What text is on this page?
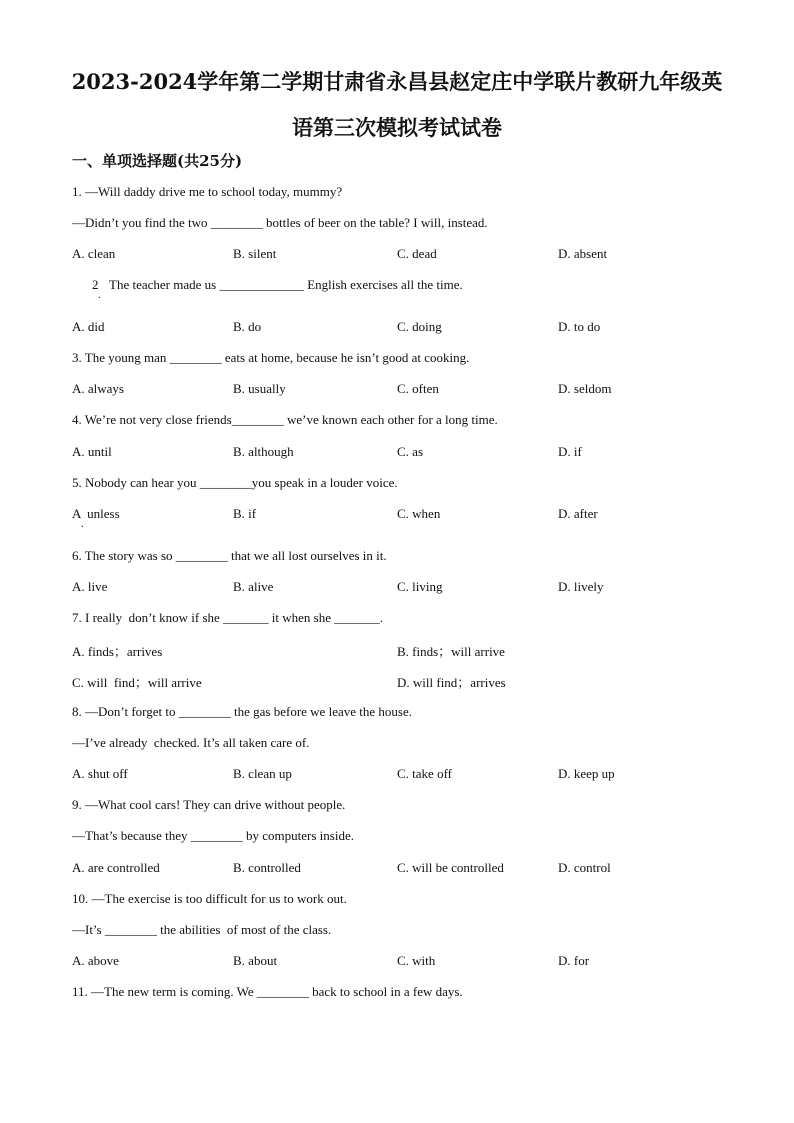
2023-2024学年第二学期甘肃省永昌县赵定庄中学联片教研九年级英
语第三次模拟考试试卷
一、单项选择题(共25分)
1. —Will daddy drive me to school today, mummy?
—Didn’t you find the two ________ bottles of beer on the table? I will, instead.
A. clean	B. silent	C. dead	D. absent
2
.
The teacher made us _____________ English exercises all the time.
A. did	B. do	C. doing	D. to do
3. The young man ________ eats at home, because he isn’t good at cooking.
A. always	B. usually	C. often	D. seldom
4. We’re not very close friends________ we’ve known each other for a long time.
A. until	B. although	C. as	D. if
5. Nobody can hear you ________you speak in a louder voice.
A  unless
.
B. if	C. when	D. after
6. The story was so ________ that we all lost ourselves in it.
A. live	B. alive	C. living	D. lively
7. I really  don’t know if she _______ it when she _______.
A. finds；arrives	B. finds；will arrive
C. will  find；will arrive	D. will find；arrives
8. —Don’t forget to ________ the gas before we leave the house.
—I’ve already  checked. It’s all taken care of.
A. shut off	B. clean up	C. take off	D. keep up
9. —What cool cars! They can drive without people.
—That’s because they ________ by computers inside.
A. are controlled	B. controlled	C. will be controlled	D. control
10. —The exercise is too difficult for us to work out.
—It’s ________ the abilities  of most of the class.
A. above	B. about	C. with	D. for
11. —The new term is coming. We ________ back to school in a few days.
